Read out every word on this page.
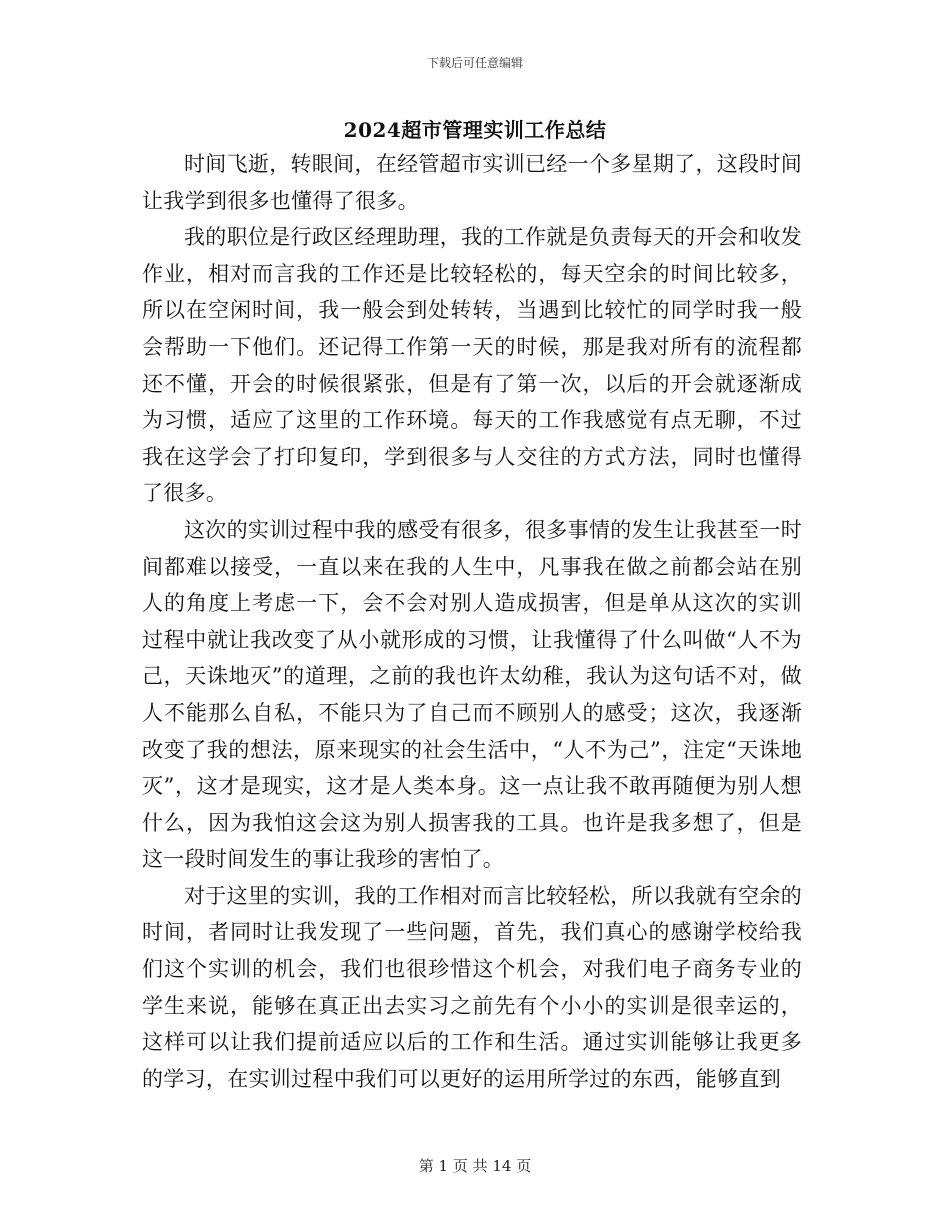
下载后可任意编辑
2024超市管理实训工作总结

时间飞逝，转眼间，在经管超市实训已经一个多星期了，这段时间让我学到很多也懂得了很多。

我的职位是行政区经理助理，我的工作就是负责每天的开会和收发作业，相对而言我的工作还是比较轻松的，每天空余的时间比较多，所以在空闲时间，我一般会到处转转，当遇到比较忙的同学时我一般会帮助一下他们。还记得工作第一天的时候，那是我对所有的流程都还不懂，开会的时候很紧张，但是有了第一次，以后的开会就逐渐成为习惯，适应了这里的工作环境。每天的工作我感觉有点无聊，不过我在这学会了打印复印，学到很多与人交往的方式方法，同时也懂得了很多。

这次的实训过程中我的感受有很多，很多事情的发生让我甚至一时间都难以接受，一直以来在我的人生中，凡事我在做之前都会站在别人的角度上考虑一下，会不会对别人造成损害，但是单从这次的实训过程中就让我改变了从小就形成的习惯，让我懂得了什么叫做“人不为己，天诛地灭”的道理，之前的我也许太幼稚，我认为这句话不对，做人不能那么自私，不能只为了自己而不顾别人的感受；这次，我逐渐改变了我的想法，原来现实的社会生活中，“人不为己”，注定“天诛地灭”，这才是现实，这才是人类本身。这一点让我不敢再随便为别人想什么，因为我怕这会这为别人损害我的工具。也许是我多想了，但是这一段时间发生的事让我珍的害怕了。

对于这里的实训，我的工作相对而言比较轻松，所以我就有空余的时间，者同时让我发现了一些问题，首先，我们真心的感谢学校给我们这个实训的机会，我们也很珍惜这个机会，对我们电子商务专业的学生来说，能够在真正出去实习之前先有个小小的实训是很幸运的，这样可以让我们提前适应以后的工作和生活。通过实训能够让我更多的学习，在实训过程中我们可以更好的运用所学过的东西，能够直到

第 1 页 共 14 页
